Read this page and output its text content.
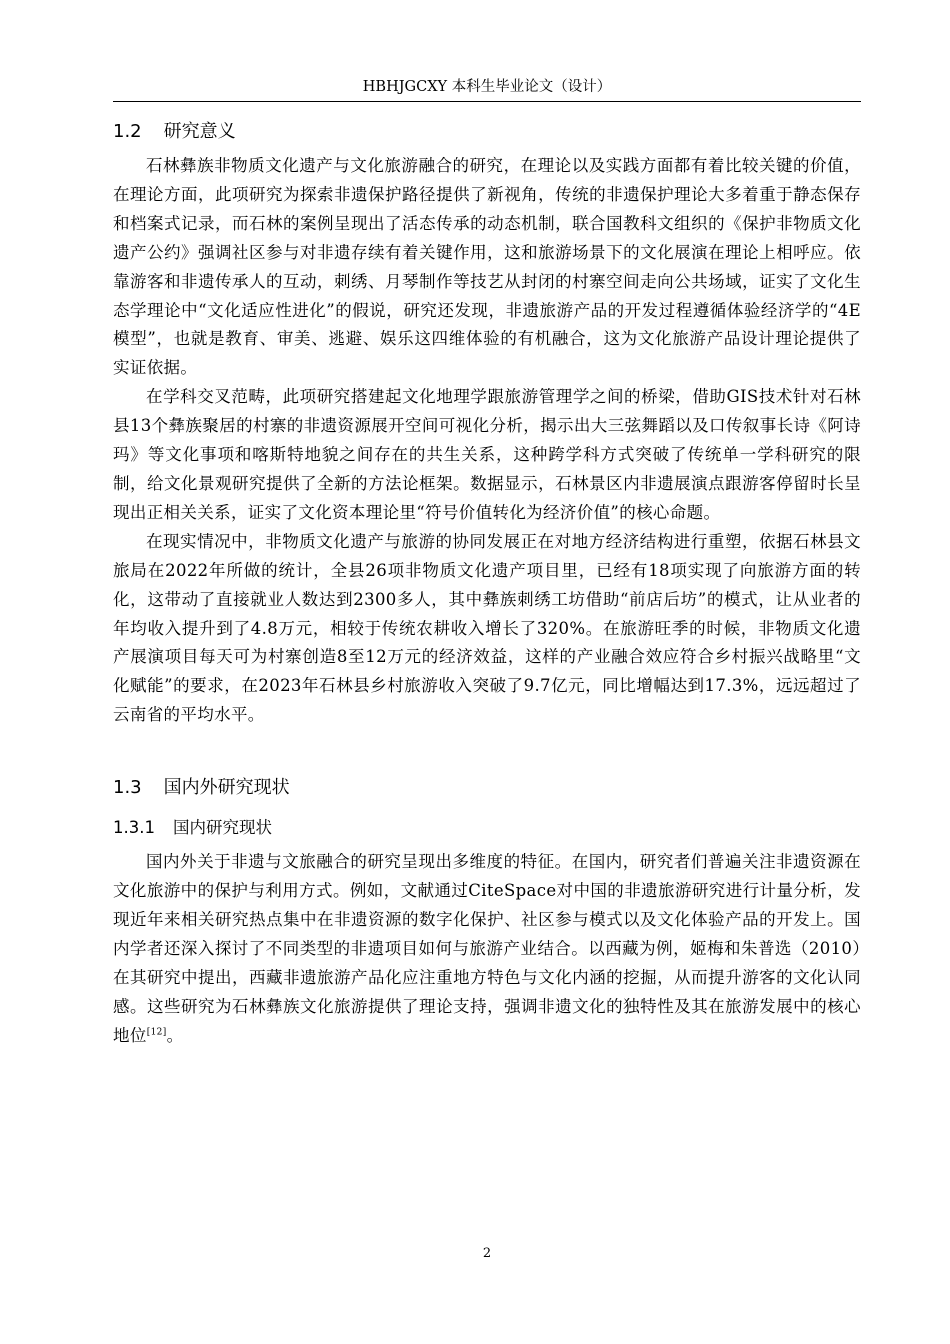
HBHJGCXY 本科生毕业论文（设计）
1.2 研究意义

石林彝族非物质文化遗产与文化旅游融合的研究，在理论以及实践方面都有着比较关键的价值，在理论方面，此项研究为探索非遗保护路径提供了新视角，传统的非遗保护理论大多着重于静态保存和档案式记录，而石林的案例呈现出了活态传承的动态机制，联合国教科文组织的《保护非物质文化遗产公约》强调社区参与对非遗存续有着关键作用，这和旅游场景下的文化展演在理论上相呼应。依靠游客和非遗传承人的互动，刺绣、月琴制作等技艺从封闭的村寨空间走向公共场域，证实了文化生态学理论中“文化适应性进化”的假说，研究还发现，非遗旅游产品的开发过程遵循体验经济学的“4E模型”，也就是教育、审美、逃避、娱乐这四维体验的有机融合，这为文化旅游产品设计理论提供了实证依据。

在学科交叉范畴，此项研究搭建起文化地理学跟旅游管理学之间的桥梁，借助GIS技术针对石林县13个彝族聚居的村寨的非遗资源展开空间可视化分析，揭示出大三弦舞蹈以及口传叙事长诗《阿诗玛》等文化事项和喀斯特地貌之间存在的共生关系，这种跨学科方式突破了传统单一学科研究的限制，给文化景观研究提供了全新的方法论框架。数据显示，石林景区内非遗展演点跟游客停留时长呈现出正相关关系，证实了文化资本理论里“符号价值转化为经济价值”的核心命题。

在现实情况中，非物质文化遗产与旅游的协同发展正在对地方经济结构进行重塑，依据石林县文旅局在2022年所做的统计，全县26项非物质文化遗产项目里，已经有18项实现了向旅游方面的转化，这带动了直接就业人数达到2300多人，其中彝族刺绣工坊借助“前店后坊”的模式，让从业者的年均收入提升到了4.8万元，相较于传统农耕收入增长了320%。在旅游旺季的时候，非物质文化遗产展演项目每天可为村寨创造8至12万元的经济效益，这样的产业融合效应符合乡村振兴战略里“文化赋能”的要求，在2023年石林县乡村旅游收入突破了9.7亿元，同比增幅达到17.3%，远远超过了云南省的平均水平。

1.3 国内外研究现状
1.3.1 国内研究现状

国内外关于非遗与文旅融合的研究呈现出多维度的特征。在国内，研究者们普遍关注非遗资源在文化旅游中的保护与利用方式。例如，文献通过CiteSpace对中国的非遗旅游研究进行计量分析，发现近年来相关研究热点集中在非遗资源的数字化保护、社区参与模式以及文化体验产品的开发上。国内学者还深入探讨了不同类型的非遗项目如何与旅游产业结合。以西藏为例，姬梅和朱普选（2010）在其研究中提出，西藏非遗旅游产品化应注重地方特色与文化内涵的挖掘，从而提升游客的文化认同感。这些研究为石林彝族文化旅游提供了理论支持，强调非遗文化的独特性及其在旅游发展中的核心地位[12]。

2
